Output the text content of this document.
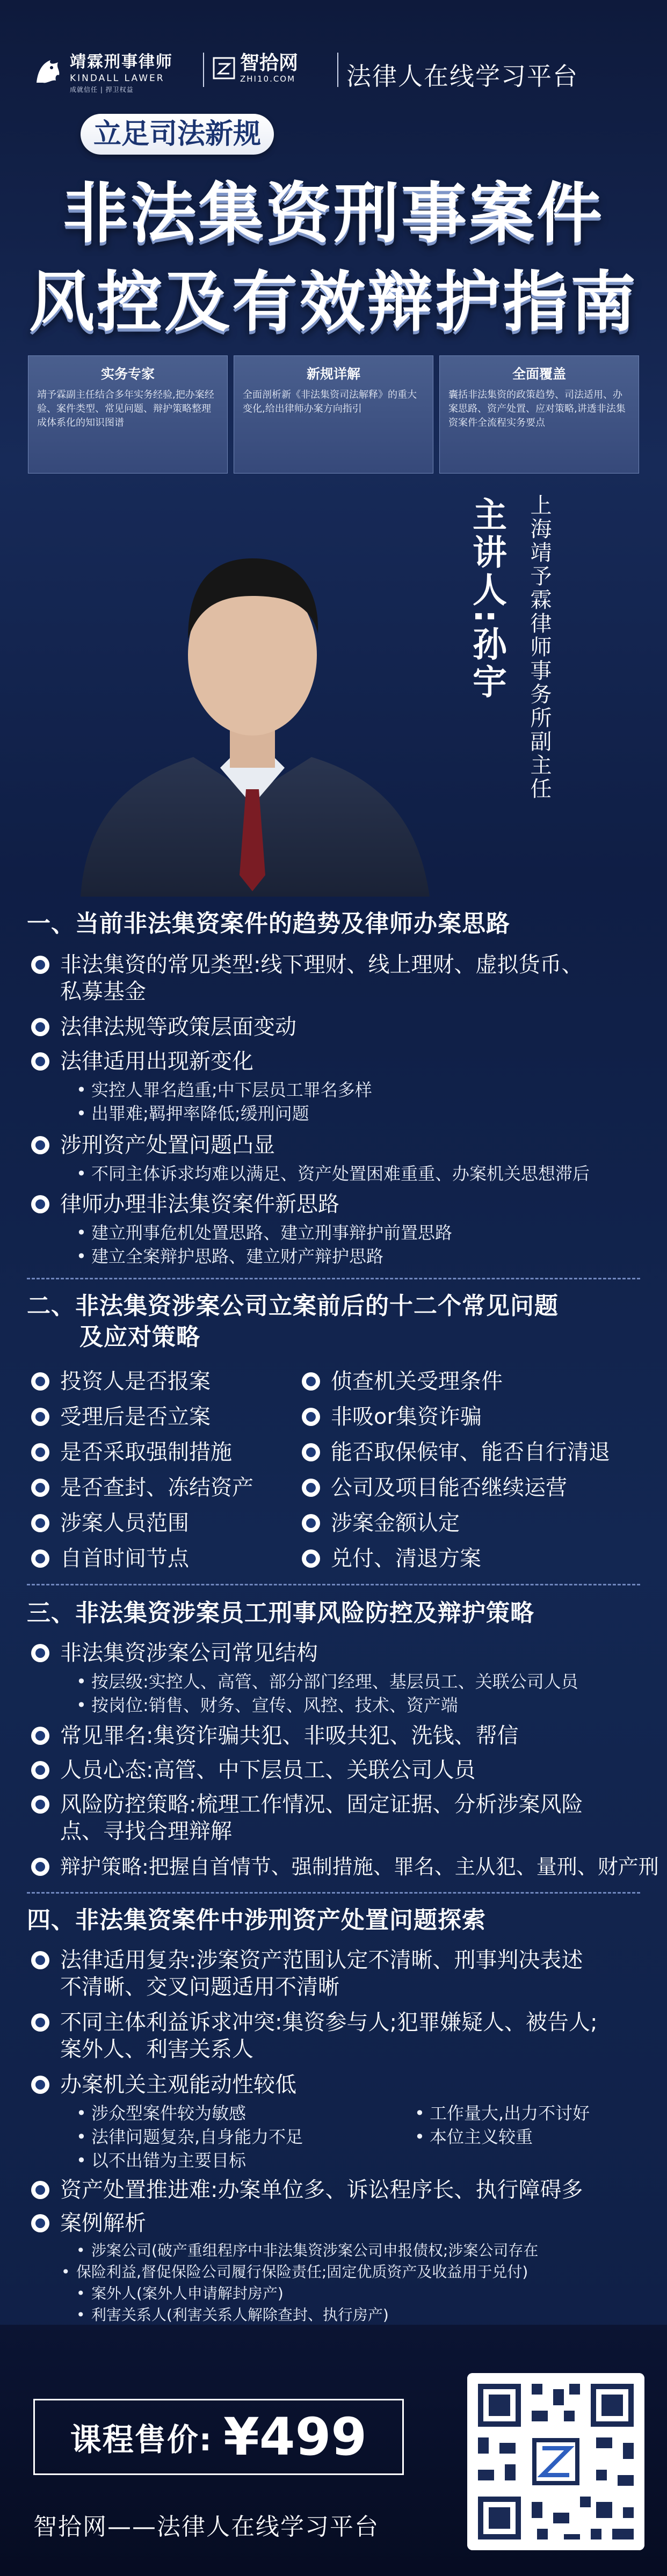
靖霖刑事律师
KINDALL LAWER
成就信任 | 捍卫权益
智拾网
ZHI10.COM 法律人在线学习平台
立足司法新规
非法集资刑事案件
风控及有效辩护指南
实务专家
靖予霖副主任结合多年实务经验,把办案经验、案件类型、常见问题、辩护策略整理成体系化的知识图谱
新规详解
全面剖析新《非法集资司法解释》的重大变化,给出律师办案方向指引
全面覆盖
囊括非法集资的政策趋势、司法适用、办案思路、资产处置、应对策略,讲透非法集资案件全流程实务要点
上海靖予霖律师事务所副主任
主讲人:孙宇
一、当前非法集资案件的趋势及律师办案思路
非法集资的常见类型:线下理财、线上理财、虚拟货币、
私募基金
法律法规等政策层面变动
法律适用出现新变化
• 实控人罪名趋重;中下层员工罪名多样
• 出罪难;羁押率降低;缓刑问题
涉刑资产处置问题凸显
• 不同主体诉求均难以满足、资产处置困难重重、办案机关思想滞后
律师办理非法集资案件新思路
• 建立刑事危机处置思路、建立刑事辩护前置思路
• 建立全案辩护思路、建立财产辩护思路
二、非法集资涉案公司立案前后的十二个常见问题
及应对策略
投资人是否报案
受理后是否立案
是否采取强制措施
是否查封、冻结资产
涉案人员范围
自首时间节点
侦查机关受理条件
非吸or集资诈骗
能否取保候审、能否自行清退
公司及项目能否继续运营
涉案金额认定
兑付、清退方案
三、非法集资涉案员工刑事风险防控及辩护策略
非法集资涉案公司常见结构
• 按层级:实控人、高管、部分部门经理、基层员工、关联公司人员
• 按岗位:销售、财务、宣传、风控、技术、资产端
常见罪名:集资诈骗共犯、非吸共犯、洗钱、帮信
人员心态:高管、中下层员工、关联公司人员
风险防控策略:梳理工作情况、固定证据、分析涉案风险
点、寻找合理辩解
辩护策略:把握自首情节、强制措施、罪名、主从犯、量刑、财产刑
四、非法集资案件中涉刑资产处置问题探索
法律适用复杂:涉案资产范围认定不清晰、刑事判决表述
不清晰、交叉问题适用不清晰
不同主体利益诉求冲突:集资参与人;犯罪嫌疑人、被告人;
案外人、利害关系人
办案机关主观能动性较低
• 涉众型案件较为敏感	• 工作量大,出力不讨好
• 法律问题复杂,自身能力不足	• 本位主义较重
• 以不出错为主要目标
资产处置推进难:办案单位多、诉讼程序长、执行障碍多
案例解析
• 涉案公司(破产重组程序中非法集资涉案公司申报债权;涉案公司存在
• 保险利益,督促保险公司履行保险责任;固定优质资产及收益用于兑付)
• 案外人(案外人申请解封房产)
• 利害关系人(利害关系人解除查封、执行房产)
课程售价: ¥499
智拾网——法律人在线学习平台
